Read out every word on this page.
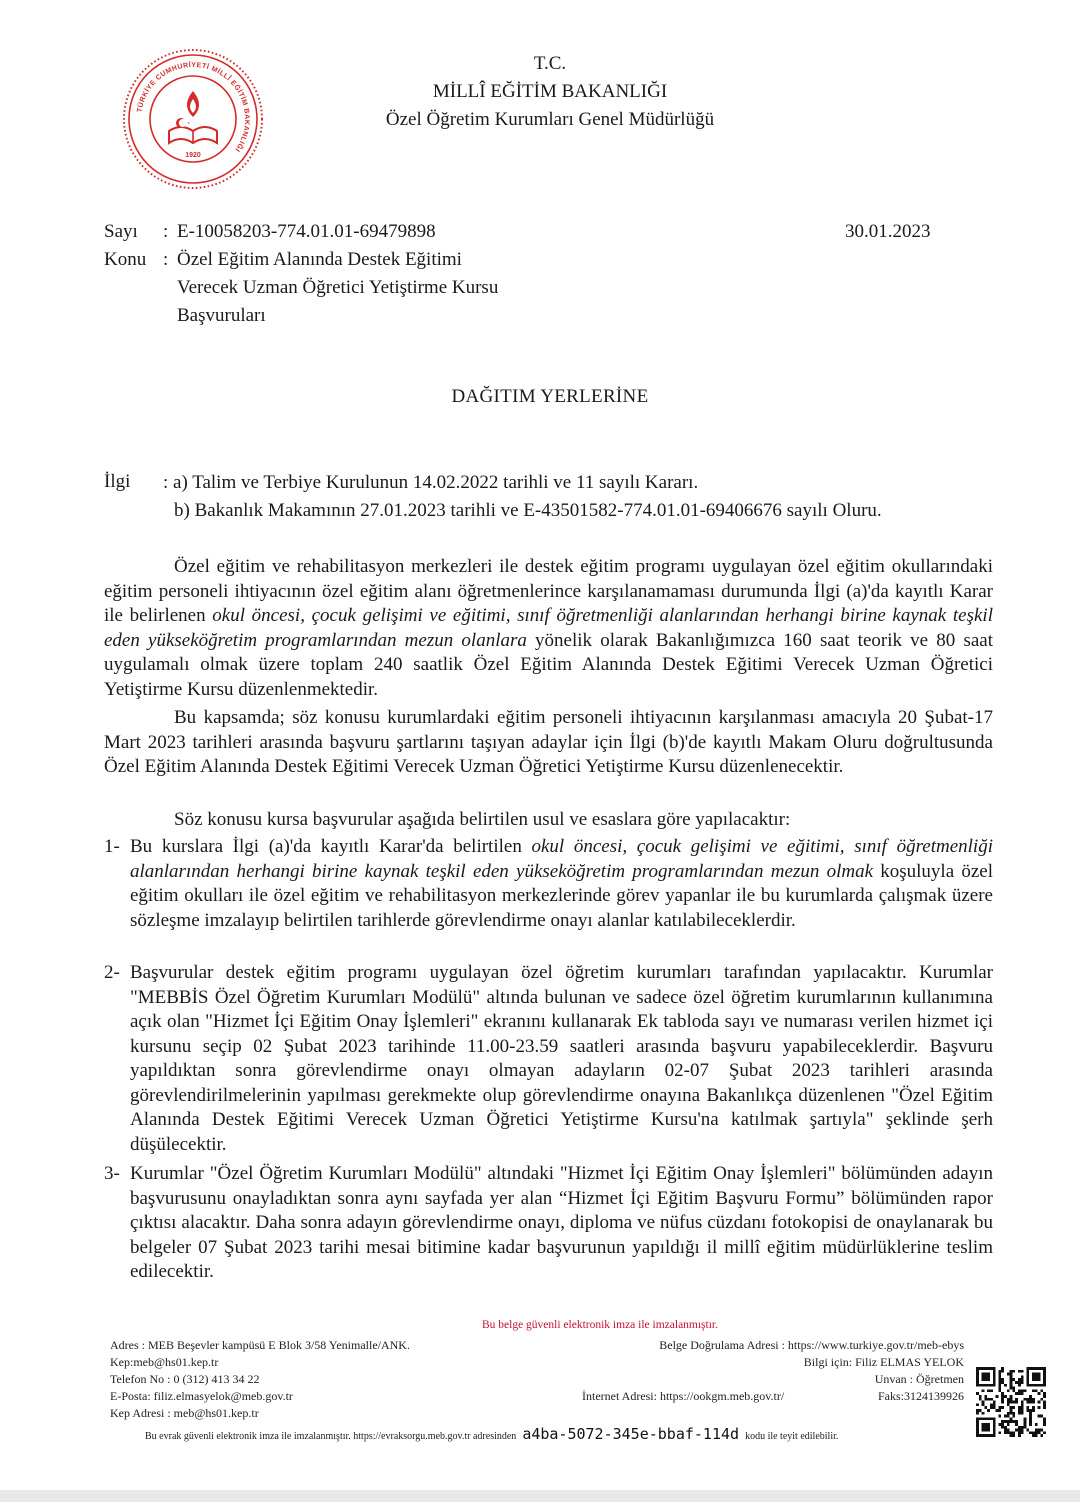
TÜRKİYE CUMHURİYETİ MİLLÎ EĞİTİM BAKANLIĞI
1920
T.C.
MİLLÎ EĞİTİM BAKANLIĞI
Özel Öğretim Kurumları Genel Müdürlüğü
Sayı : E-10058203-774.01.01-69479898
Konu : Özel Eğitim Alanında Destek Eğitimi
Verecek Uzman Öğretici Yetiştirme Kursu
Başvuruları
30.01.2023
DAĞITIM YERLERİNE
İlgi : a) Talim ve Terbiye Kurulunun 14.02.2022 tarihli ve 11 sayılı Kararı.
b) Bakanlık Makamının 27.01.2023 tarihli ve E-43501582-774.01.01-69406676 sayılı Oluru.
Özel eğitim ve rehabilitasyon merkezleri ile destek eğitim programı uygulayan özel eğitim okullarındaki eğitim personeli ihtiyacının özel eğitim alanı öğretmenlerince karşılanamaması durumunda İlgi (a)'da kayıtlı Karar ile belirlenen okul öncesi, çocuk gelişimi ve eğitimi, sınıf öğretmenliği alanlarından herhangi birine kaynak teşkil eden yükseköğretim programlarından mezun olanlara yönelik olarak Bakanlığımızca 160 saat teorik ve 80 saat uygulamalı olmak üzere toplam 240 saatlik Özel Eğitim Alanında Destek Eğitimi Verecek Uzman Öğretici Yetiştirme Kursu düzenlenmektedir.
Bu kapsamda; söz konusu kurumlardaki eğitim personeli ihtiyacının karşılanması amacıyla 20 Şubat-17 Mart 2023 tarihleri arasında başvuru şartlarını taşıyan adaylar için İlgi (b)'de kayıtlı Makam Oluru doğrultusunda Özel Eğitim Alanında Destek Eğitimi Verecek Uzman Öğretici Yetiştirme Kursu düzenlenecektir.
Söz konusu kursa başvurular aşağıda belirtilen usul ve esaslara göre yapılacaktır:
1- Bu kurslara İlgi (a)'da kayıtlı Karar'da belirtilen okul öncesi, çocuk gelişimi ve eğitimi, sınıf öğretmenliği alanlarından herhangi birine kaynak teşkil eden yükseköğretim programlarından mezun olmak koşuluyla özel eğitim okulları ile özel eğitim ve rehabilitasyon merkezlerinde görev yapanlar ile bu kurumlarda çalışmak üzere sözleşme imzalayıp belirtilen tarihlerde görevlendirme onayı alanlar katılabileceklerdir.
2- Başvurular destek eğitim programı uygulayan özel öğretim kurumları tarafından yapılacaktır. Kurumlar "MEBBİS Özel Öğretim Kurumları Modülü" altında bulunan ve sadece özel öğretim kurumlarının kullanımına açık olan "Hizmet İçi Eğitim Onay İşlemleri" ekranını kullanarak Ek tabloda sayı ve numarası verilen hizmet içi kursunu seçip 02 Şubat 2023 tarihinde 11.00-23.59 saatleri arasında başvuru yapabileceklerdir. Başvuru yapıldıktan sonra görevlendirme onayı olmayan adayların 02-07 Şubat 2023 tarihleri arasında görevlendirilmelerinin yapılması gerekmekte olup görevlendirme onayına Bakanlıkça düzenlenen "Özel Eğitim Alanında Destek Eğitimi Verecek Uzman Öğretici Yetiştirme Kursu'na katılmak şartıyla" şeklinde şerh düşülecektir.
3- Kurumlar "Özel Öğretim Kurumları Modülü" altındaki "Hizmet İçi Eğitim Onay İşlemleri" bölümünden adayın başvurusunu onayladıktan sonra aynı sayfada yer alan “Hizmet İçi Eğitim Başvuru Formu” bölümünden rapor çıktısı alacaktır. Daha sonra adayın görevlendirme onayı, diploma ve nüfus cüzdanı fotokopisi de onaylanarak bu belgeler 07 Şubat 2023 tarihi mesai bitimine kadar başvurunun yapıldığı il millî eğitim müdürlüklerine teslim edilecektir.
Bu belge güvenli elektronik imza ile imzalanmıştır.
Adres : MEB Beşevler kampüsü E Blok 3/58 Yenimalle/ANK.
Kep:meb@hs01.kep.tr
Telefon No : 0 (312) 413 34 22
E-Posta: filiz.elmasyelok@meb.gov.tr
Kep Adresi : meb@hs01.kep.tr
Belge Doğrulama Adresi : https://www.turkiye.gov.tr/meb-ebys
Bilgi için: Filiz ELMAS YELOK
Unvan : Öğretmen
İnternet Adresi: https://ookgm.meb.gov.tr/	Faks:3124139926
Bu evrak güvenli elektronik imza ile imzalanmıştır. https://evraksorgu.meb.gov.tr adresinden a4ba-5072-345e-bbaf-114d kodu ile teyit edilebilir.
